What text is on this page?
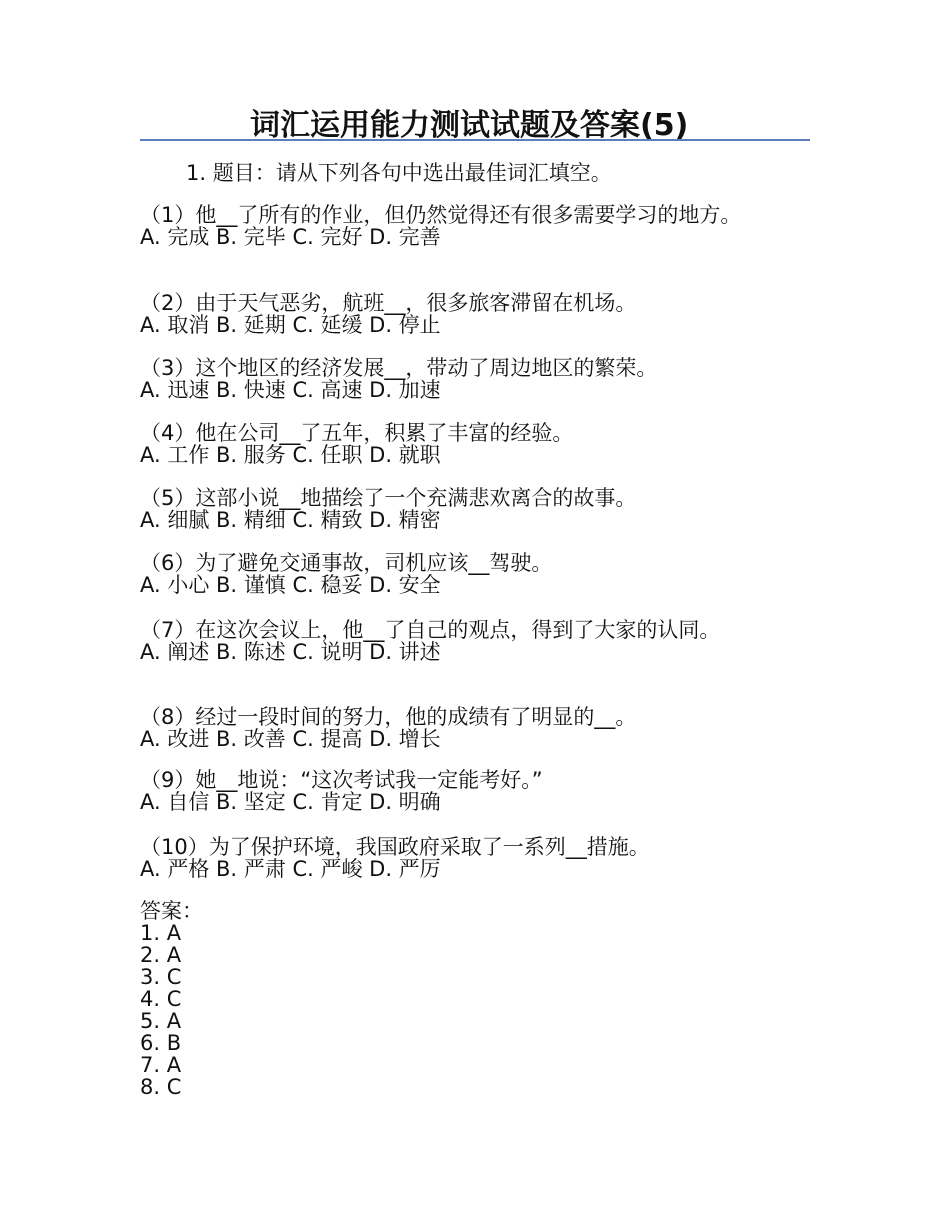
词汇运用能力测试试题及答案(5)
1. 题目：请从下列各句中选出最佳词汇填空。

（1）他__了所有的作业，但仍然觉得还有很多需要学习的地方。

A. 完成 B. 完毕 C. 完好 D. 完善

（2）由于天气恶劣，航班__，很多旅客滞留在机场。

A. 取消 B. 延期 C. 延缓 D. 停止

（3）这个地区的经济发展__，带动了周边地区的繁荣。

A. 迅速 B. 快速 C. 高速 D. 加速

（4）他在公司__了五年，积累了丰富的经验。

A. 工作 B. 服务 C. 任职 D. 就职

（5）这部小说__地描绘了一个充满悲欢离合的故事。

A. 细腻 B. 精细 C. 精致 D. 精密

（6）为了避免交通事故，司机应该__驾驶。

A. 小心 B. 谨慎 C. 稳妥 D. 安全

（7）在这次会议上，他__了自己的观点，得到了大家的认同。

A. 阐述 B. 陈述 C. 说明 D. 讲述

（8）经过一段时间的努力，他的成绩有了明显的__。

A. 改进 B. 改善 C. 提高 D. 增长

（9）她__地说：“这次考试我一定能考好。”

A. 自信 B. 坚定 C. 肯定 D. 明确

（10）为了保护环境，我国政府采取了一系列__措施。

A. 严格 B. 严肃 C. 严峻 D. 严厉

答案：
1. A
2. A
3. C
4. C
5. A
6. B
7. A
8. C
